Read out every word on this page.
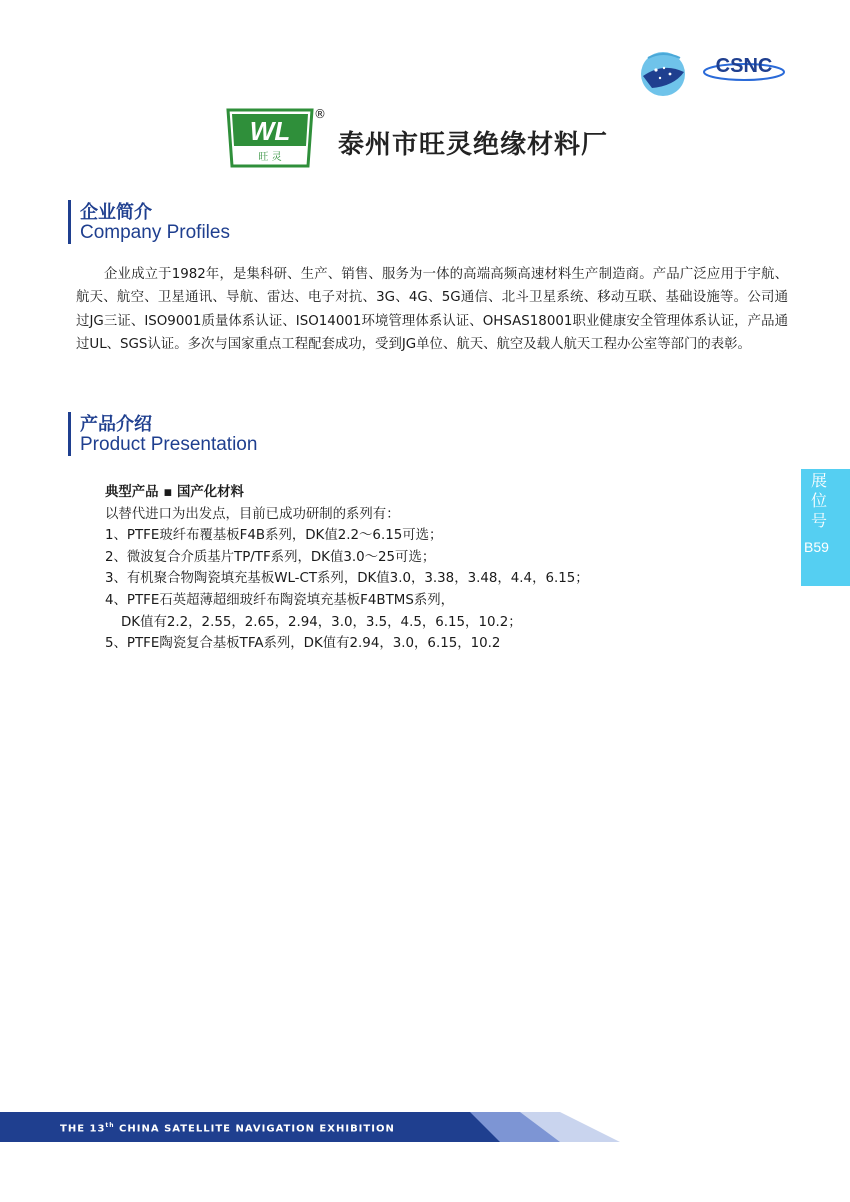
CSNC
WL
旺 灵
®
泰州市旺灵绝缘材料厂
企业简介
Company Profiles
企业成立于1982年，是集科研、生产、销售、服务为一体的高端高频高速材料生产制造商。产品广泛应用于宇航、航天、航空、卫星通讯、导航、雷达、电子对抗、3G、4G、5G通信、北斗卫星系统、移动互联、基础设施等。公司通过JG三证、ISO9001质量体系认证、ISO14001环境管理体系认证、OHSAS18001职业健康安全管理体系认证，产品通过UL、SGS认证。多次与国家重点工程配套成功，受到JG单位、航天、航空及载人航天工程办公室等部门的表彰。
产品介绍
Product Presentation
典型产品 ▪ 国产化材料
以替代进口为出发点，目前已成功研制的系列有：
1、PTFE玻纤布覆基板F4B系列，DK值2.2～6.15可选；
2、微波复合介质基片TP/TF系列，DK值3.0～25可选；
3、有机聚合物陶瓷填充基板WL-CT系列，DK值3.0，3.38，3.48，4.4，6.15；
4、PTFE石英超薄超细玻纤布陶瓷填充基板F4BTMS系列，
DK值有2.2，2.55，2.65，2.94，3.0，3.5，4.5，6.15，10.2；
5、PTFE陶瓷复合基板TFA系列，DK值有2.94，3.0，6.15，10.2
展
位
号
B59
THE 13th CHINA SATELLITE NAVIGATION EXHIBITION
